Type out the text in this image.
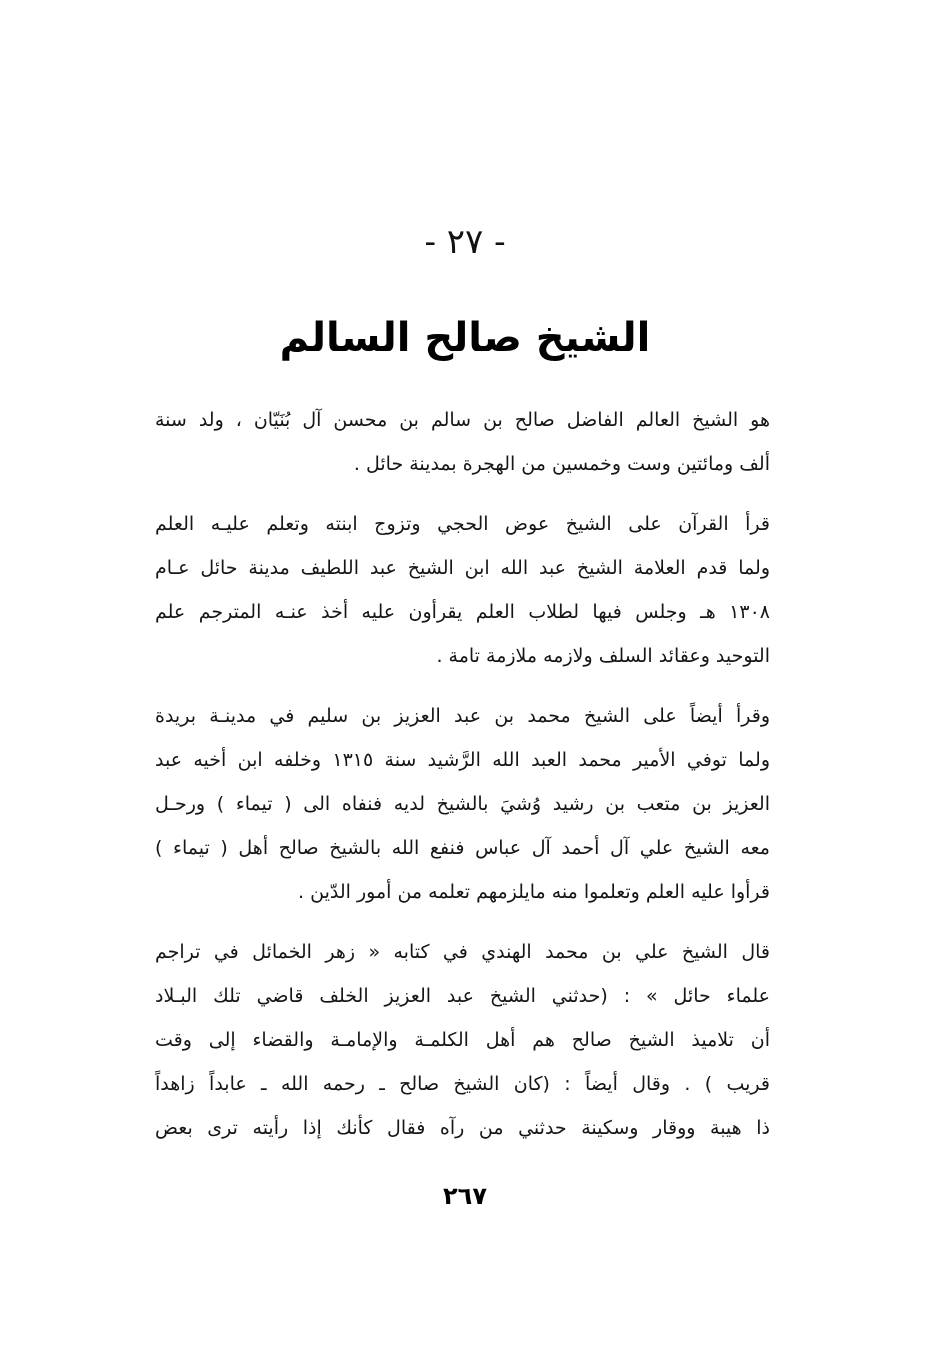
- ٢٧ -
الشيخ صالح السالم
هو الشيخ العالم الفاضل صالح بن سالم بن محسن آل بُنَيّان ، ولد سنة
ألف ومائتين وست وخمسين من الهجرة بمدينة حائل .
قرأ القرآن على الشيخ عوض الحجي وتزوج ابنته وتعلم عليـه العلم
ولما قدم العلامة الشيخ عبد الله ابن الشيخ عبد اللطيف مدينة حائل عـام
١٣٠٨ هـ وجلس فيها لطلاب العلم يقرأون عليه أخذ عنـه المترجم علم
التوحيد وعقائد السلف ولازمه ملازمة تامة .
وقرأ أيضاً على الشيخ محمد بن عبد العزيز بن سليم في مدينـة بريدة
ولما توفي الأمير محمد العبد الله الرَّشيد سنة ١٣١٥ وخلفه ابن أخيه عبد
العزيز بن متعب بن رشيد وُشيَ بالشيخ لديه فنفاه الى ( تيماء ) ورحـل
معه الشيخ علي آل أحمد آل عباس فنفع الله بالشيخ صالح أهل ( تيماء )
قرأوا عليه العلم وتعلموا منه مايلزمهم تعلمه من أمور الدّين .
قال الشيخ علي بن محمد الهندي في كتابه « زهر الخمائل في تراجم
علماء حائل » : (حدثني الشيخ عبد العزيز الخلف قاضي تلك البـلاد
أن تلاميذ الشيخ صالح هم أهل الكلمـة والإمامـة والقضاء إلى وقت
قريب ) . وقال أيضاً : (كان الشيخ صالح ـ رحمه الله ـ عابداً زاهداً
ذا هيبة ووقار وسكينة حدثني من رآه فقال كأنك إذا رأيته ترى بعض
٢٦٧
